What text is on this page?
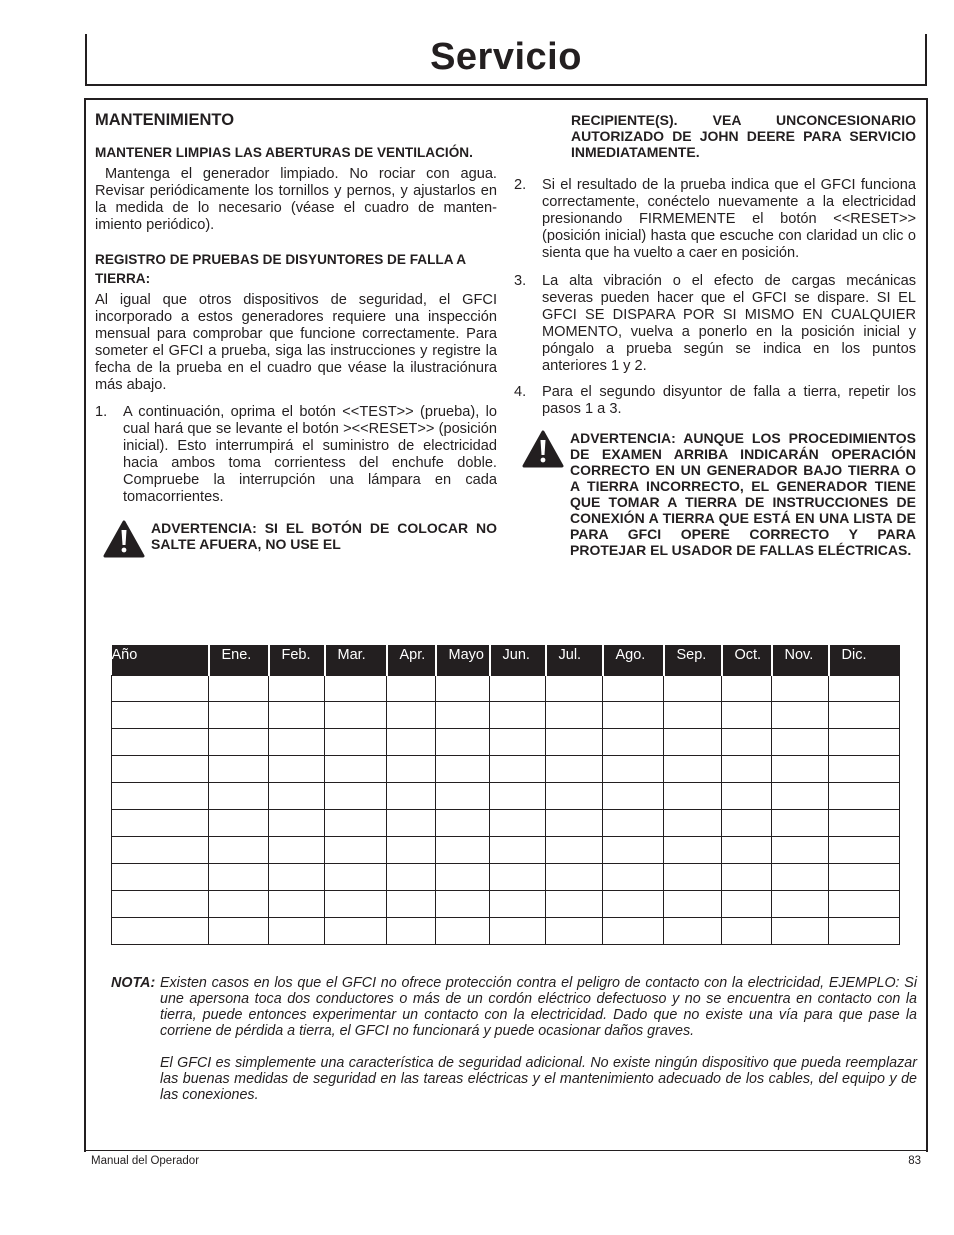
Servicio
MANTENIMIENTO
MANTENER LIMPIAS LAS ABERTURAS DE VENTILACIÓN.

Mantenga el generador limpiado. No rociar con agua. Revisar periódicamente los tornillos y pernos, y ajustarlos en la medida de lo necesario (véase el cuadro de manten- imiento periódico).

REGISTRO DE PRUEBAS DE DISYUNTORES DE FALLA A TIERRA:

Al igual que otros dispositivos de seguridad, el GFCI incorporado a estos generadores requiere una inspección mensual para comprobar que funcione correctamente. Para someter el GFCI a prueba, siga las instrucciones y registre la fecha de la prueba en el cuadro que véase la ilustraciónura más abajo.

1. A continuación, oprima el botón <<TEST>> (prueba), lo cual hará que se levante el botón ><<RESET>> (posición inicial). Esto interrumpirá el suministro de electricidad hacia ambos toma corrientess del enchufe doble. Compruebe la interrupción una lámpara en cada tomacorrientes.
ADVERTENCIA: SI EL BOTÓN DE COLOCAR NO SALTE AFUERA, NO USE EL
RECIPIENTE(S). VEA UNCONCESIONARIO AUTORIZADO DE JOHN DEERE PARA SERVICIO INMEDIATAMENTE.
2. Si el resultado de la prueba indica que el GFCI funciona correctamente, conéctelo nuevamente a la electricidad presionando FIRMEMENTE el botón <<RESET>> (posición inicial) hasta que escuche con claridad un clic o sienta que ha vuelto a caer en posición.
3. La alta vibración o el efecto de cargas mecánicas severas pueden hacer que el GFCI se dispare. SI EL GFCI SE DISPARA POR SI MISMO EN CUALQUIER MOMENTO, vuelva a ponerlo en la posición inicial y póngalo a prueba según se indica en los puntos anteriores 1 y 2.
4. Para el segundo disyuntor de falla a tierra, repetir los pasos 1 a 3.
ADVERTENCIA: AUNQUE LOS PROCEDIMIENTOS DE EXAMEN ARRIBA INDICARÁN OPERACIÓN CORRECTO EN UN GENERADOR BAJO TIERRA O A TIERRA INCORRECTO, EL GENERADOR TIENE QUE TOMAR A TIERRA DE INSTRUCCIONES DE CONEXIÓN A TIERRA QUE ESTÁ EN UNA LISTA DE PARA GFCI OPERE CORRECTO Y PARA PROTEJAR EL USADOR DE FALLAS ELÉCTRICAS.
Año	Ene.	Feb.	Mar.	Apr.	Mayo	Jun.	Jul.	Ago.	Sep.	Oct.	Nov.	Dic.

NOTA: Existen casos en los que el GFCI no ofrece protección contra el peligro de contacto con la electricidad, EJEMPLO: Si une apersona toca dos conductores o más de un cordón eléctrico defectuoso y no se encuentra en contacto con la tierra, puede entonces experimentar un contacto con la electricidad. Dado que no existe una vía para que pase la corriene de pérdida a tierra, el GFCI no funcionará y puede ocasionar daños graves.

El GFCI es simplemente una característica de seguridad adicional. No existe ningún dispositivo que pueda reemplazar las buenas medidas de seguridad en las tareas eléctricas y el mantenimiento adecuado de los cables, del equipo y de las conexiones.

Manual del Operador	83
